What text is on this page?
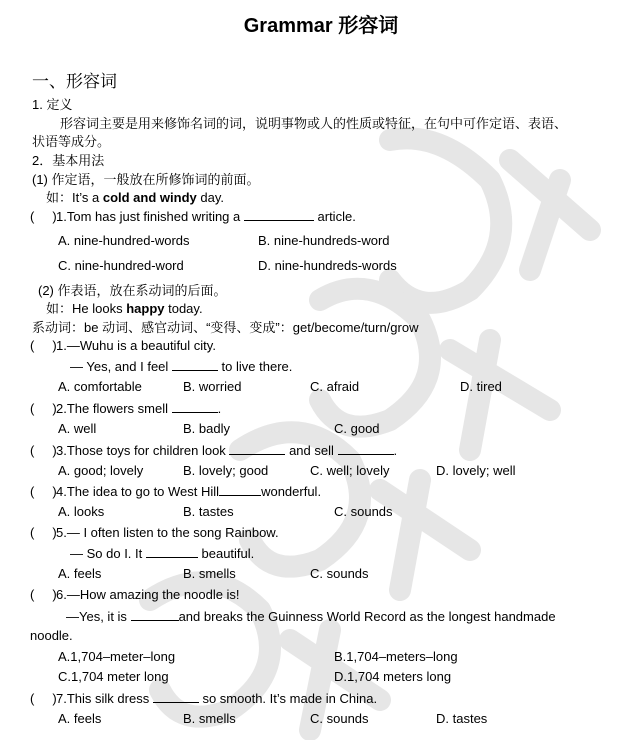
Grammar 形容词
一、形容词
1. 定义
形容词主要是用来修饰名词的词，说明事物或人的性质或特征，在句中可作定语、表语、
状语等成分。
2．基本用法
(1) 作定语，一般放在所修饰词的前面。
如：It’s a cold and windy day.
( )1.Tom has just finished writing a	article.
A. nine-hundred-words	B. nine-hundreds-word
C. nine-hundred-word	D. nine-hundreds-words
(2) 作表语，放在系动词的后面。
如：He looks happy today.
系动词：be 动词、感官动词、“变得、变成”：get/become/turn/grow
(     )1.—Wuhu is a beautiful city.
— Yes, and I feel	to live there.
A. comfortable	B. worried	C. afraid	D. tired
(     )2.The flowers smell	.
A. well	B. badly	C. good
(     )3.Those toys for children look	and sell	.
A. good; lovely	B. lovely; good	C. well; lovely	D. lovely; well
(     )4.The idea to go to West Hill	wonderful.
A. looks	B. tastes	C. sounds
(     )5.— I often listen to the song Rainbow.
— So do I. It	beautiful.
A. feels	B. smells	C. sounds
(     )6.—How amazing the noodle is!
—Yes, it is	and breaks the Guinness World Record as the longest handmade
noodle.
A.1,704–meter–long	B.1,704–meters–long
C.1,704 meter long	D.1,704 meters long
(     )7.This silk dress	so smooth. It’s made in China.
A. feels	B. smells	C. sounds	D. tastes
